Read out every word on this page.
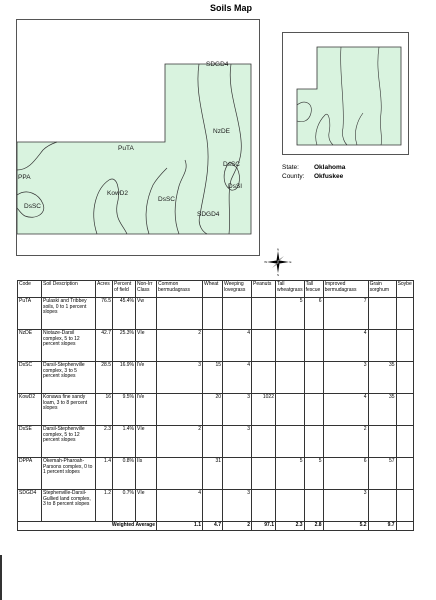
Soils Map
SDGD4
NzDE
PuTA
DsSC
DsSI
PPA
KowD2
DsSC
DsSC
SDGD4
State:	Oklahoma
County:	Okfuskee
N
S
E
W
Code	Soil Description	Acres	Percent of field	Non-Irr Class	Common bermudagrass	Wheat	Weeping lovegrass	Peanuts	Tall wheatgrass	Tall fescue	Improved bermudagrass	Grain sorghum	Soybe
PuTA	Pulaski and Tribbey soils, 0 to 1 percent slopes	76.5	45.4%	Vw					5	6	7		
NzDE	Niotaze-Darsil complex, 5 to 12 percent slopes	42.7	25.3%	VIe	2		4				4		
DsSC	Darsil-Stephenville complex, 3 to 5 percent slopes	28.5	16.9%	IVe	3	15	4				3	35	
KowD2	Konawa fine sandy loam, 3 to 8 percent slopes	16	9.5%	IVe		20	3	1022			4	35	
DsSE	Darsil-Stephenville complex, 5 to 12 percent slopes	2.3	1.4%	VIe	2		3				2		
DPPA	Okemah-Pharoah-Parsons complex, 0 to 1 percent slopes	1.4	0.8%	IIs		31			5	5	6	57	
SDGD4	Stephenville-Darsil-Gullied land complex, 3 to 8 percent slopes	1.2	0.7%	VIe	4		3				3		
Weighted Average					1.1	4.7	2	97.1	2.3	2.8	5.2	9.7	
